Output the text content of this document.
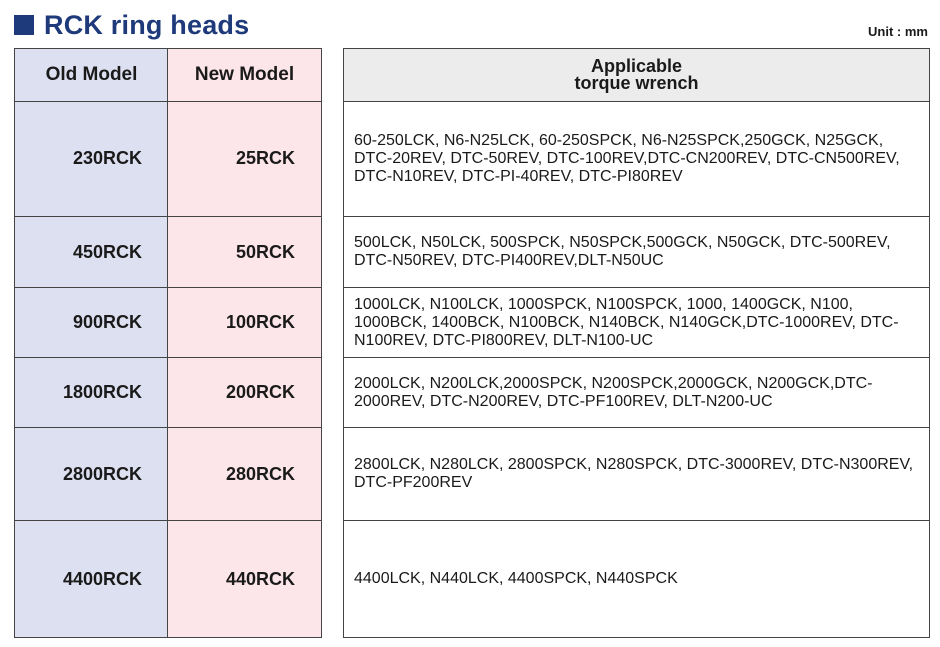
RCK ring heads	Unit : mm
Old Model
230RCK
450RCK
900RCK
1800RCK
2800RCK
4400RCK
New Model
25RCK
50RCK
100RCK
200RCK
280RCK
440RCK
Applicable
torque wrench
60-250LCK, N6-N25LCK, 60-250SPCK, N6-N25SPCK,250GCK, N25GCK, DTC-20REV, DTC-50REV, DTC-100REV,DTC-CN200REV, DTC-CN500REV, DTC-N10REV, DTC-PI-40REV, DTC-PI80REV
500LCK, N50LCK, 500SPCK, N50SPCK,500GCK, N50GCK, DTC-500REV, DTC-N50REV, DTC-PI400REV,DLT-N50UC
1000LCK, N100LCK, 1000SPCK, N100SPCK, 1000, 1400GCK, N100, 1000BCK, 1400BCK, N100BCK, N140BCK, N140GCK,DTC-1000REV, DTC-N100REV, DTC-PI800REV, DLT-N100-UC
2000LCK, N200LCK,2000SPCK, N200SPCK,2000GCK, N200GCK,DTC-2000REV, DTC-N200REV, DTC-PF100REV, DLT-N200-UC
2800LCK, N280LCK, 2800SPCK, N280SPCK, DTC-3000REV, DTC-N300REV, DTC-PF200REV
4400LCK, N440LCK, 4400SPCK, N440SPCK
